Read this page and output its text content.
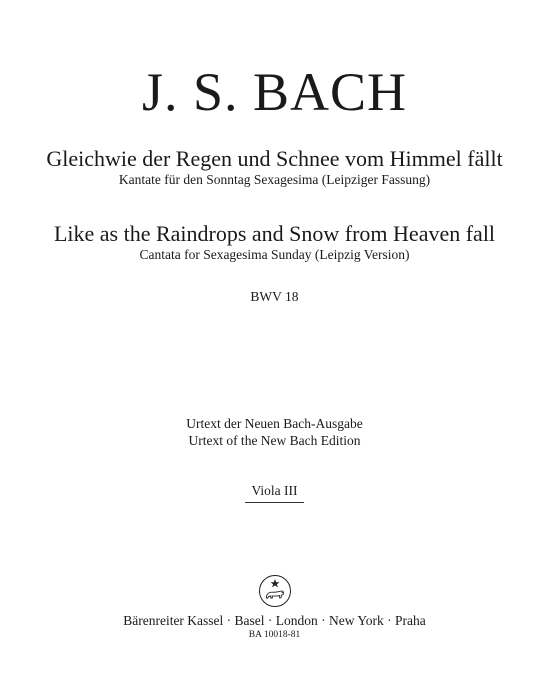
J. S. BACH
Gleichwie der Regen und Schnee vom Himmel fällt
Kantate für den Sonntag Sexagesima (Leipziger Fassung)
Like as the Raindrops and Snow from Heaven fall
Cantata for Sexagesima Sunday (Leipzig Version)
BWV 18
Urtext der Neuen Bach-Ausgabe
Urtext of the New Bach Edition
Viola III
Bärenreiter Kassel · Basel · London · New York · Praha
BA 10018-81
